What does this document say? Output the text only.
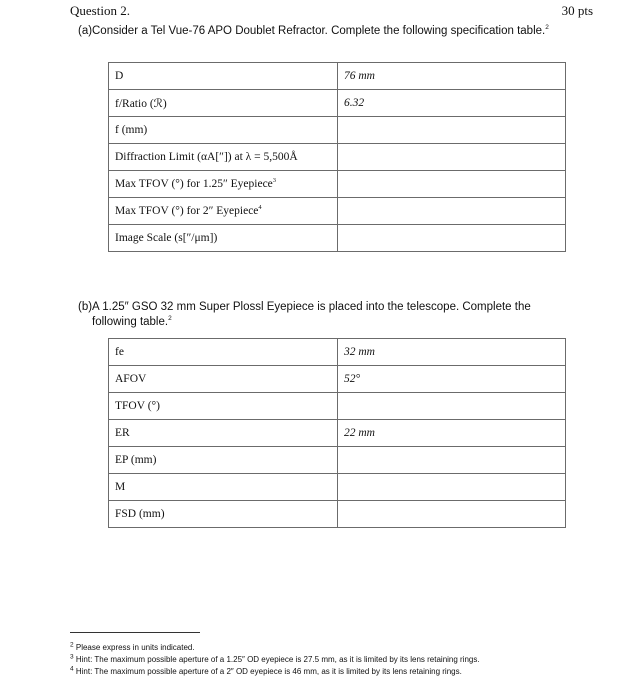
Question 2.	30 pts
(a) Consider a Tel Vue-76 APO Doublet Refractor. Complete the following specification table.$^2$
D	76 mm
f/Ratio (ℛ)	6.32
f (mm)	
Diffraction Limit (αA[″]) at λ = 5,500Å	
Max TFOV (°) for 1.25″ Eyepiece$^3$	
Max TFOV (°) for 2″ Eyepiece$^4$	
Image Scale (s[″/μm])	
(b) A 1.25″ GSO 32 mm Super Plossl Eyepiece is placed into the telescope. Complete the following table.$^2$
fe	32 mm
AFOV	52°
TFOV (°)	
ER	22 mm
EP (mm)	
M	
FSD (mm)	
$^2$ Please express in units indicated.
$^3$ Hint: The maximum possible aperture of a 1.25″ OD eyepiece is 27.5 mm, as it is limited by its lens retaining rings.
$^4$ Hint: The maximum possible aperture of a 2″ OD eyepiece is 46 mm, as it is limited by its lens retaining rings.
